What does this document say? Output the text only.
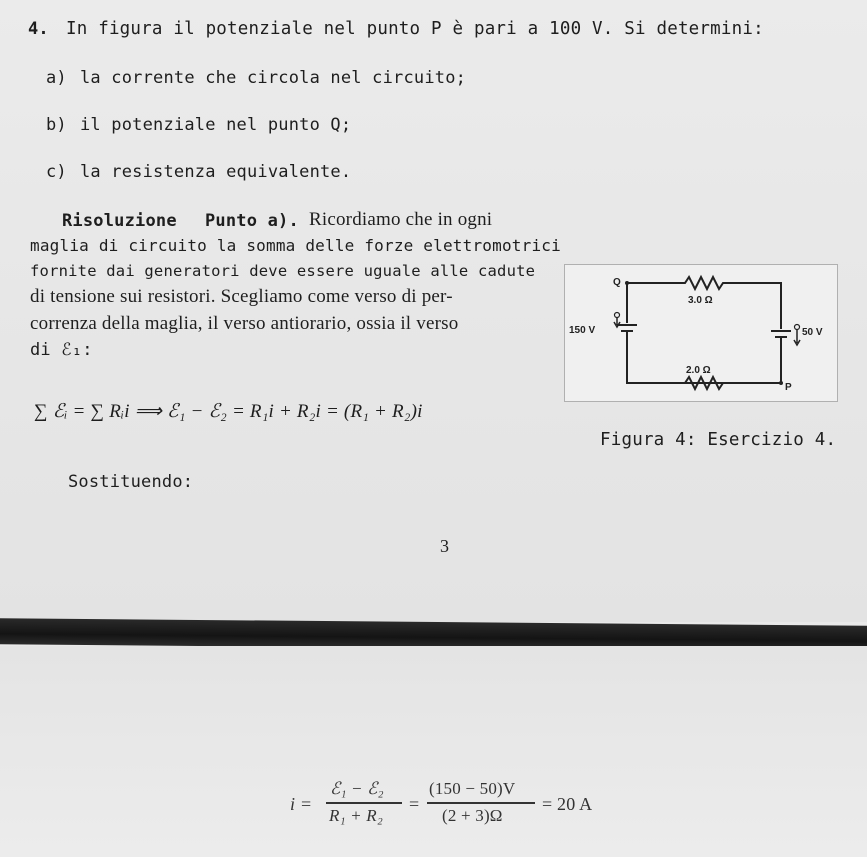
4. In figura il potenziale nel punto P è pari a 100 V. Si determini:
a) la corrente che circola nel circuito;
b) il potenziale nel punto Q;
c) la resistenza equivalente.
Risoluzione Punto a). Ricordiamo che in ogni
maglia di circuito la somma delle forze elettromotrici
fornite dai generatori deve essere uguale alle cadute
di tensione sui resistori. Scegliamo come verso di per-
correnza della maglia, il verso antiorario, ossia il verso
di ℰ₁:
Q
P
3.0 Ω
2.0 Ω
150 V	50 V
∑ ℰᵢ = ∑ Rᵢi ⟹ ℰ₁ − ℰ₂ = R₁i + R₂i = (R₁ + R₂)i
Figura 4: Esercizio 4.
Sostituendo:
3
i =
ℰ₁ − ℰ₂
R₁ + R₂
=
(150 − 50)V
(2 + 3)Ω
= 20 A
